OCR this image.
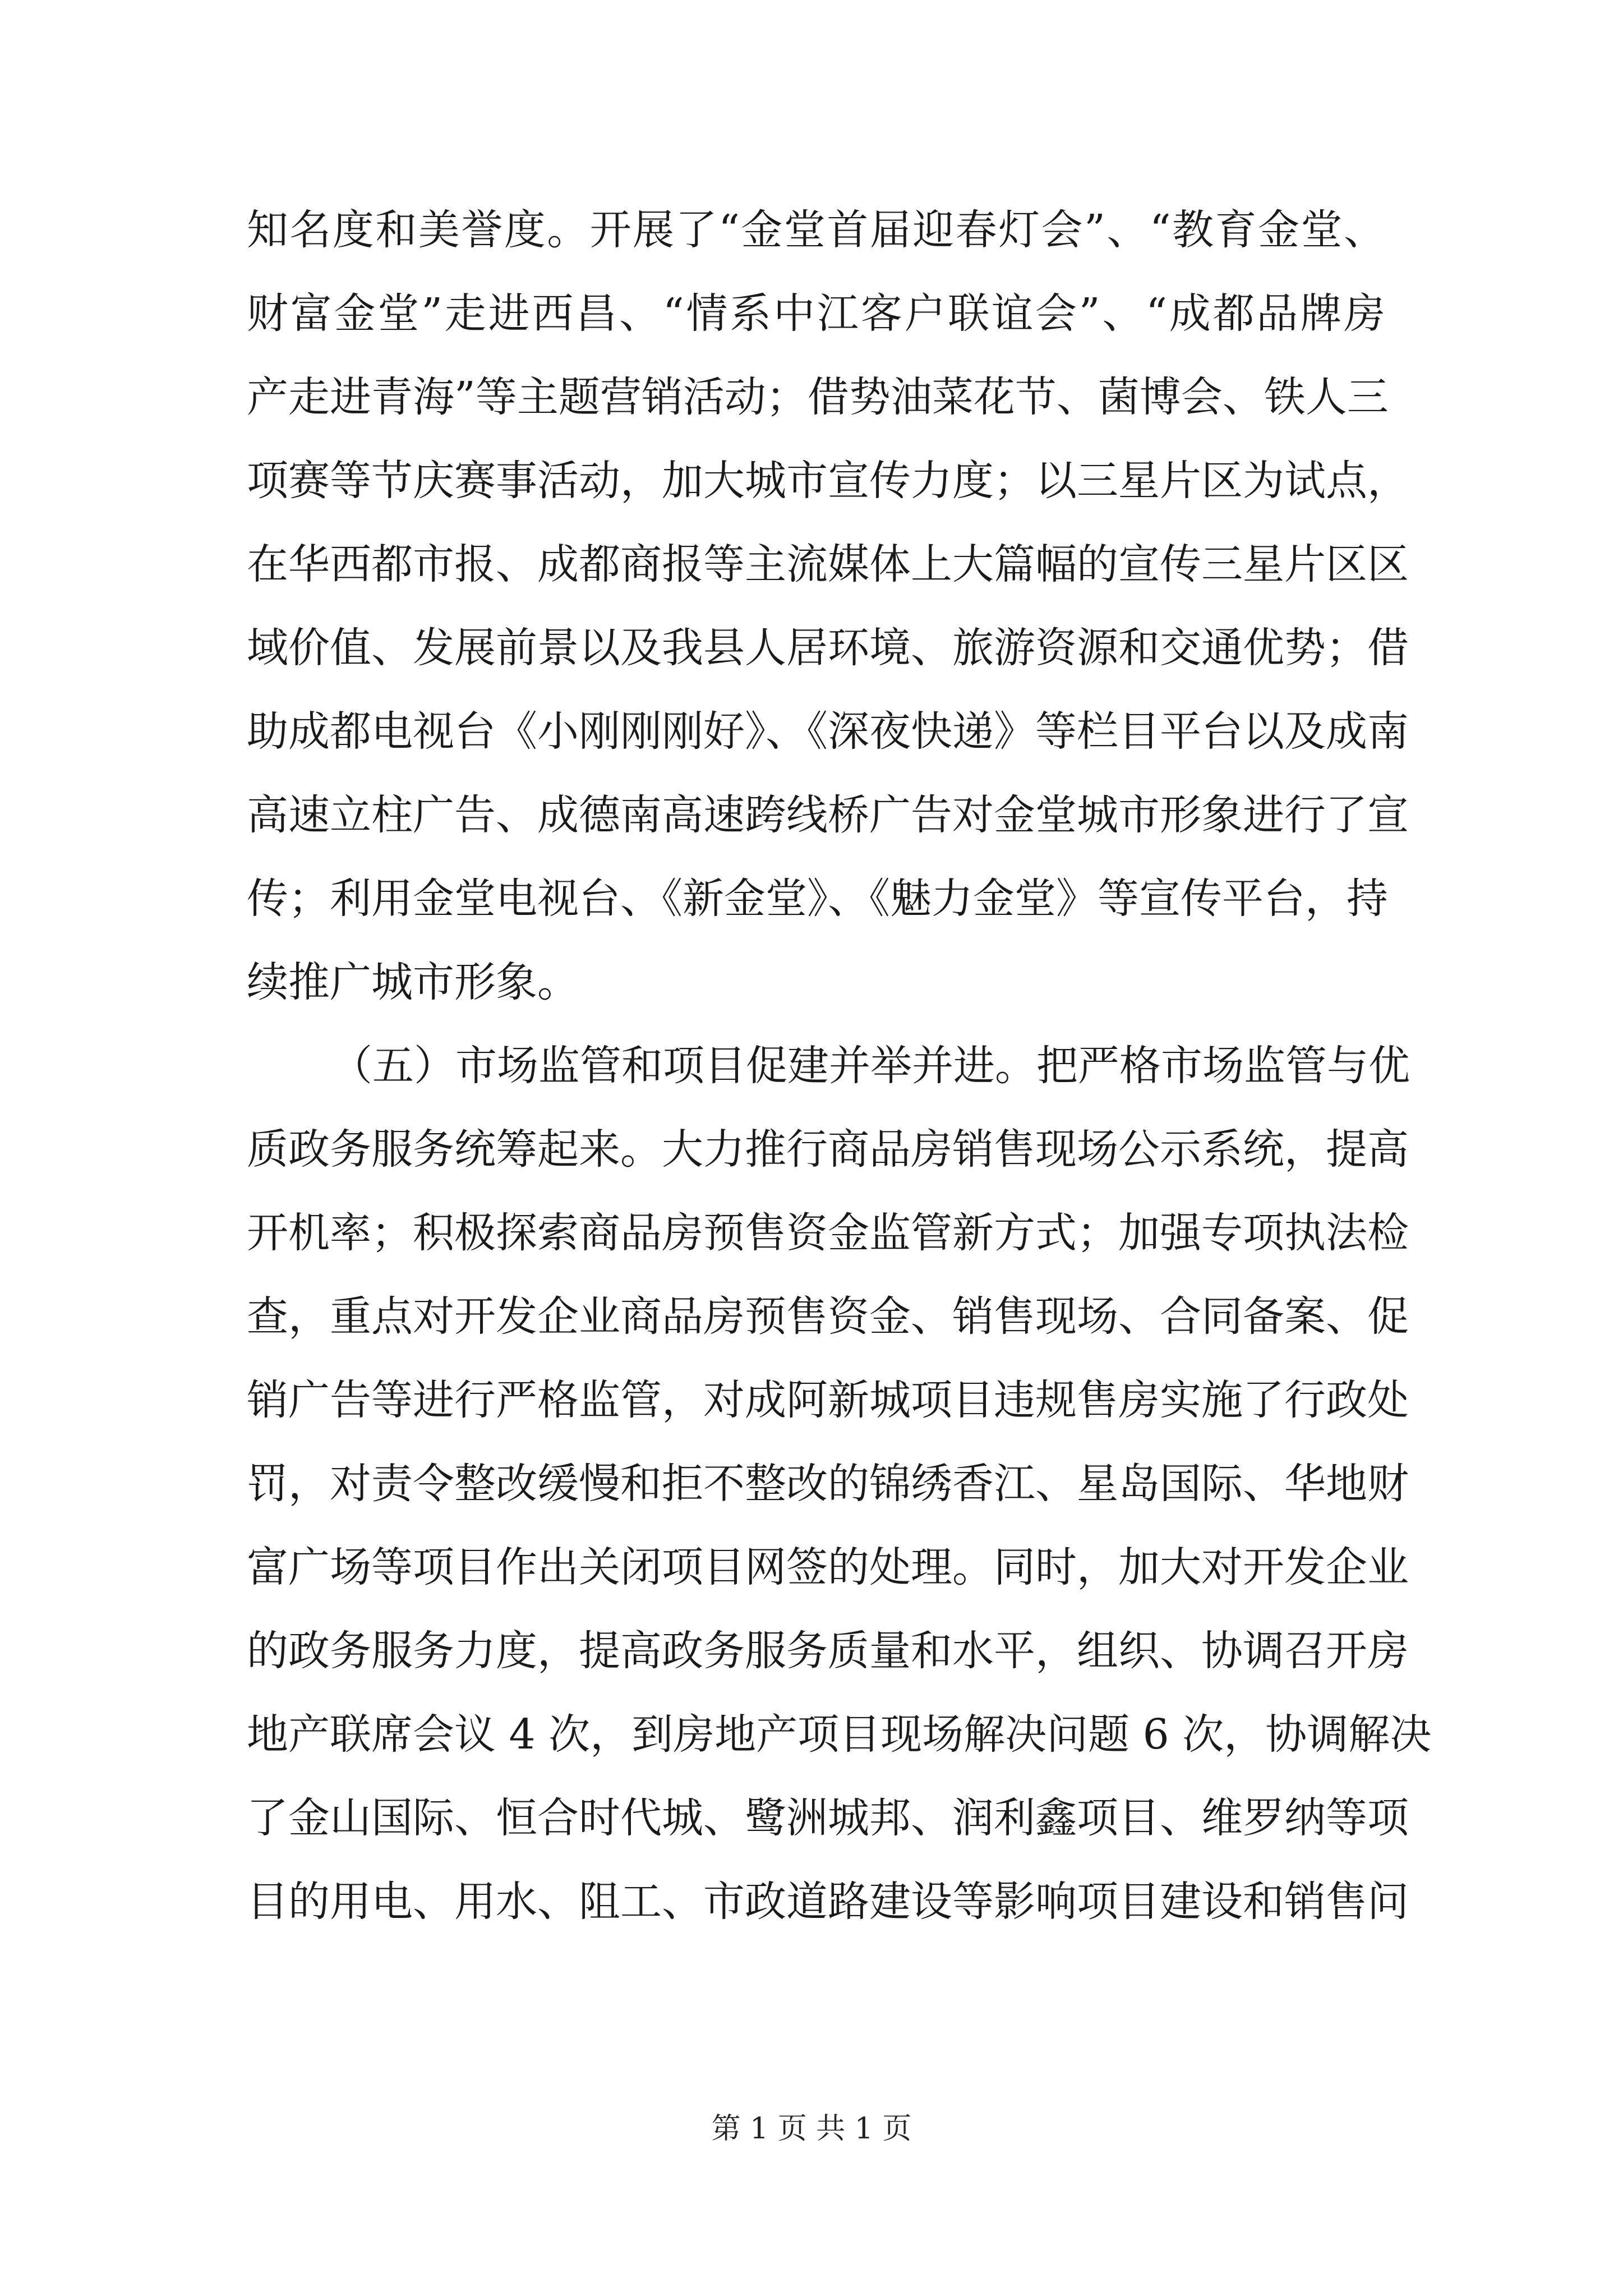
知名度和美誉度。开展了“金堂首届迎春灯会”、“教育金堂、
财富金堂”走进西昌、“情系中江客户联谊会”、“成都品牌房
产走进青海”等主题营销活动；借势油菜花节、菌博会、铁人三
项赛等节庆赛事活动，加大城市宣传力度；以三星片区为试点，
在华西都市报、成都商报等主流媒体上大篇幅的宣传三星片区区
域价值、发展前景以及我县人居环境、旅游资源和交通优势；借
助成都电视台《小刚刚刚好》、《深夜快递》等栏目平台以及成南
高速立柱广告、成德南高速跨线桥广告对金堂城市形象进行了宣
传；利用金堂电视台、《新金堂》、《魅力金堂》等宣传平台，持
续推广城市形象。
（五）市场监管和项目促建并举并进。把严格市场监管与优
质政务服务统筹起来。大力推行商品房销售现场公示系统，提高
开机率；积极探索商品房预售资金监管新方式；加强专项执法检
查，重点对开发企业商品房预售资金、销售现场、合同备案、促
销广告等进行严格监管，对成阿新城项目违规售房实施了行政处
罚，对责令整改缓慢和拒不整改的锦绣香江、星岛国际、华地财
富广场等项目作出关闭项目网签的处理。同时，加大对开发企业
的政务服务力度，提高政务服务质量和水平，组织、协调召开房
地产联席会议 4 次，到房地产项目现场解决问题 6 次，协调解决
了金山国际、恒合时代城、鹭洲城邦、润利鑫项目、维罗纳等项
目的用电、用水、阻工、市政道路建设等影响项目建设和销售问
第 1 页 共 1 页
